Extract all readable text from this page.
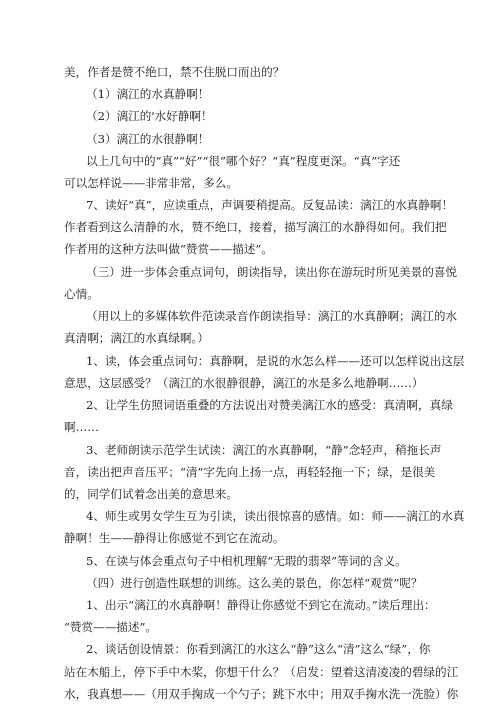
美，作者是赞不绝口，禁不住脱口而出的？
（1）漓江的水真静啊！
（2）漓江的'水好静啊！
（3）漓江的水很静啊！
以上几句中的“真”“好”“很”哪个好？“真”程度更深。“真”字还
可以怎样说——非常非常，多么。
7、读好“真”，应读重点，声调要稍提高。反复品读：漓江的水真静啊！
作者看到这么清静的水，赞不绝口，接着，描写漓江的水静得如何。我们把
作者用的这种方法叫做“赞赏——描述”。
（三）进一步体会重点词句，朗读指导，读出你在游玩时所见美景的喜悦
心情。
（用以上的多媒体软件范读录音作朗读指导：漓江的水真静啊；漓江的水
真清啊；漓江的水真绿啊。）
1、读，体会重点词句：真静啊，是说的水怎么样——还可以怎样说出这层
意思，这层感受？（漓江的水很静很静，漓江的水是多么地静啊……）
2、让学生仿照词语重叠的方法说出对赞美漓江水的感受：真清啊，真绿
啊……
3、老师朗读示范学生试读：漓江的水真静啊，“静”念轻声，稍拖长声
音，读出把声音压平；“清”字先向上扬一点，再轻轻拖一下；绿，是很美
的，同学们试着念出美的意思来。
4、师生或男女学生互为引读，读出很惊喜的感情。如：师——漓江的水真
静啊！生——静得让你感觉不到它在流动。
5、在读与体会重点句子中相机理解“无瑕的翡翠”等词的含义。
（四）进行创造性联想的训练。这么美的景色，你怎样“观赏”呢？
1、出示“漓江的水真静啊！静得让你感觉不到它在流动。”读后理出：
“赞赏——描述”。
2、谈话创设情景：你看到漓江的水这么“静”这么“清”这么“绿”，你
站在木船上，停下手中木桨，你想干什么？（启发：望着这清凌凌的碧绿的江
水，我真想——（用双手掬成一个勺子；跳下水中；用双手掬水洗一洗脸）你
